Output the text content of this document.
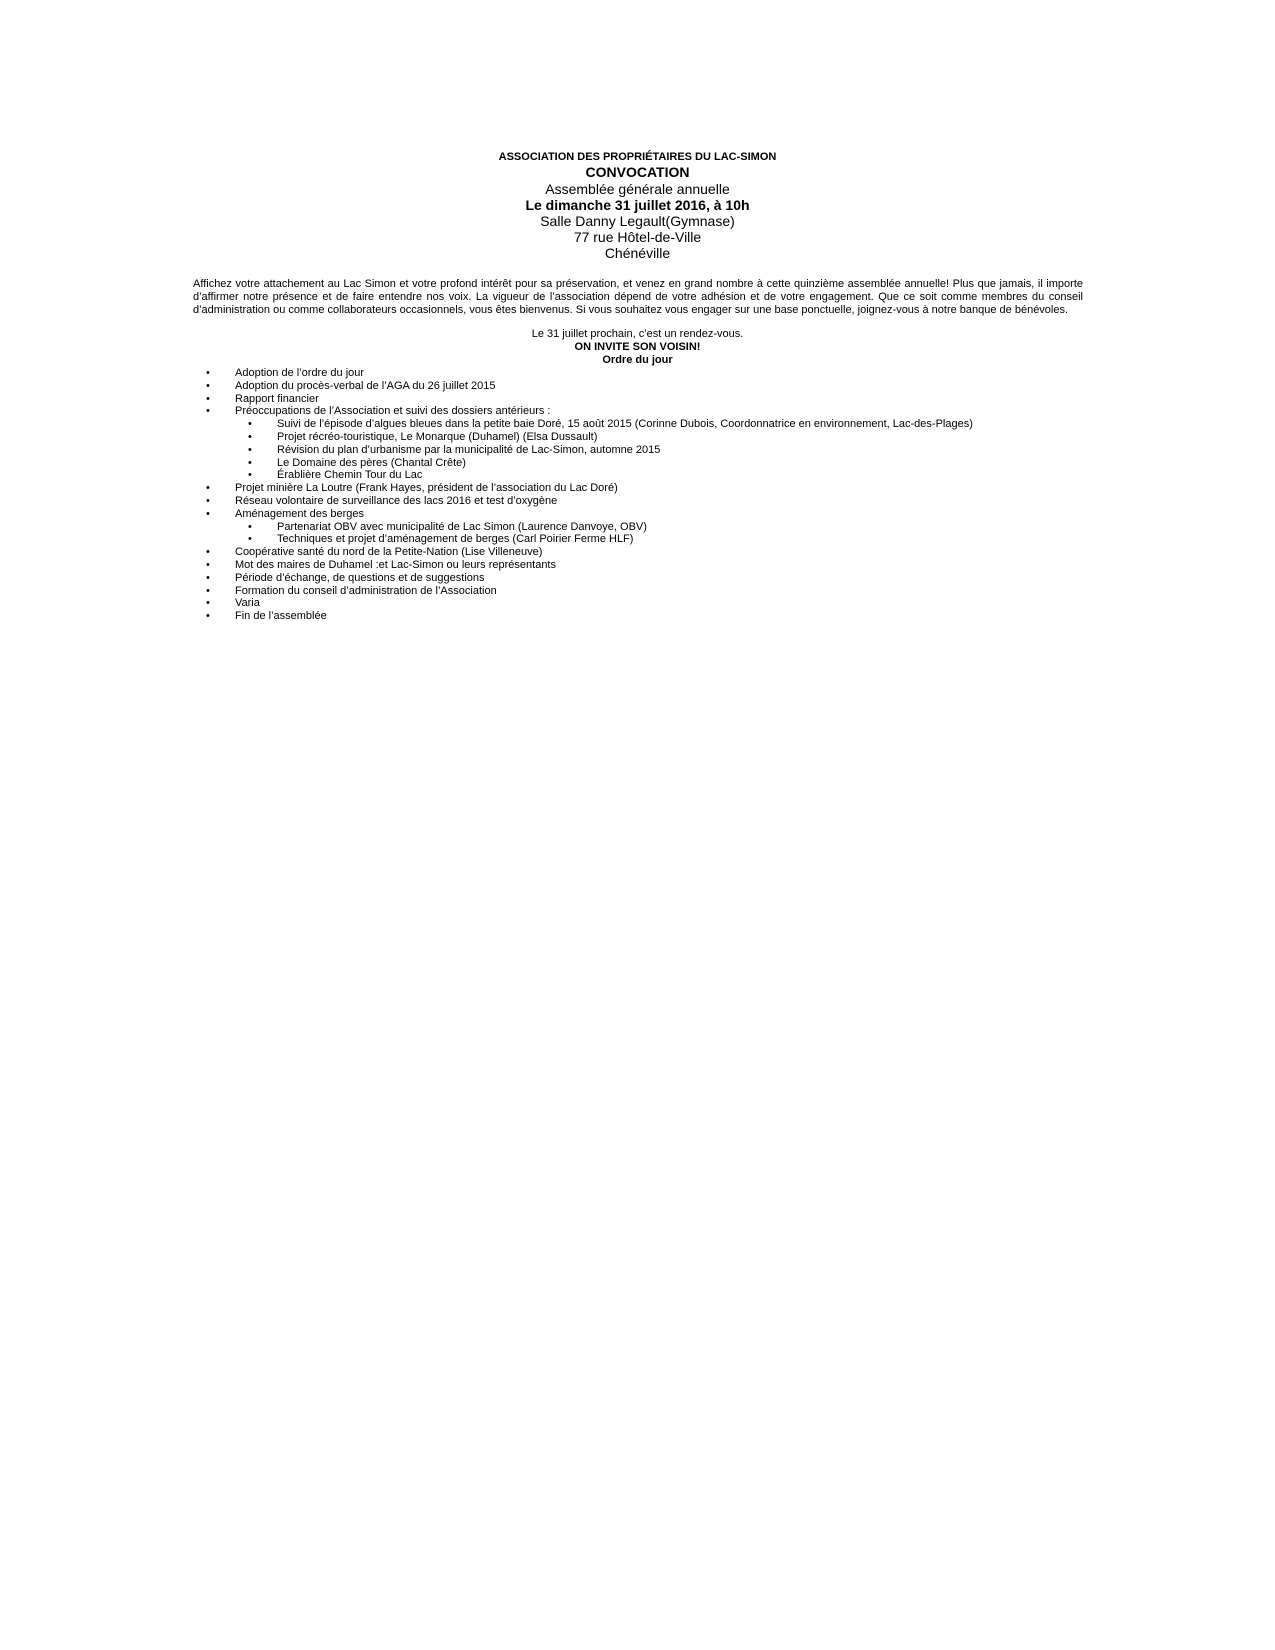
ASSOCIATION DES PROPRIÉTAIRES DU LAC-SIMON
CONVOCATION
Assemblée générale annuelle
Le dimanche 31 juillet 2016, à 10h
Salle Danny Legault(Gymnase)
77 rue Hôtel-de-Ville
Chénéville
Affichez votre attachement au Lac Simon et votre profond intérêt pour sa préservation, et venez en grand nombre à cette quinzième assemblée annuelle! Plus que jamais, il importe d’affirmer notre présence et de faire entendre nos voix. La vigueur de l’association dépend de votre adhésion et de votre engagement. Que ce soit comme membres du conseil d’administration ou comme collaborateurs occasionnels, vous êtes bienvenus. Si vous souhaitez vous engager sur une base ponctuelle, joignez-vous à notre banque de bénévoles.
Le 31 juillet prochain, c’est un rendez-vous.
ON INVITE SON VOISIN!
Ordre du jour
• Adoption de l’ordre du jour
• Adoption du procès-verbal de l’AGA du 26 juillet 2015
• Rapport financier
• Préoccupations de l’Association et suivi des dossiers antérieurs :
• Suivi de l’épisode d’algues bleues dans la petite baie Doré, 15 août 2015 (Corinne Dubois, Coordonnatrice en environnement, Lac-des-Plages)
• Projet récréo-touristique, Le Monarque (Duhamel) (Elsa Dussault)
• Révision du plan d’urbanisme par la municipalité de Lac-Simon, automne 2015
• Le Domaine des pères (Chantal Crête)
• Érablière Chemin Tour du Lac
• Projet minière La Loutre (Frank Hayes, président de l’association du Lac Doré)
• Réseau volontaire de surveillance des lacs 2016 et test d’oxygène
• Aménagement des berges
• Partenariat OBV avec municipalité de Lac Simon (Laurence Danvoye, OBV)
• Techniques et projet d’aménagement de berges (Carl Poirier Ferme HLF)
• Coopérative santé du nord de la Petite-Nation (Lise Villeneuve)
• Mot des maires de Duhamel :et Lac-Simon ou leurs représentants
• Période d’échange, de questions et de suggestions
• Formation du conseil d’administration de l’Association
• Varia
• Fin de l’assemblée
